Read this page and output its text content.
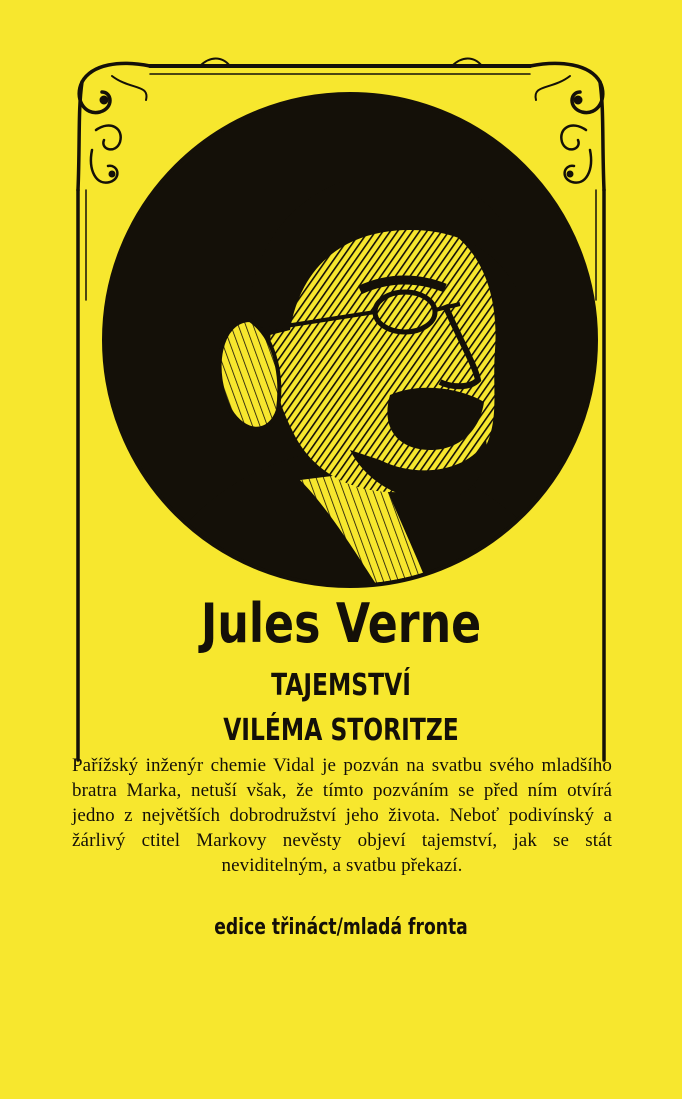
Jules Verne
TAJEMSTVÍ
VILÉMA STORITZE

Pařížský inženýr chemie Vidal je pozván na svatbu svého mladšího bratra Marka, netuší však, že tímto pozváním se před ním otvírá jedno z největších dobrodružství jeho života. Neboť podivínský a žárlivý ctitel Markovy nevěsty objeví tajemství, jak se stát neviditelným, a svatbu překazí.

edice třináct/mladá fronta
